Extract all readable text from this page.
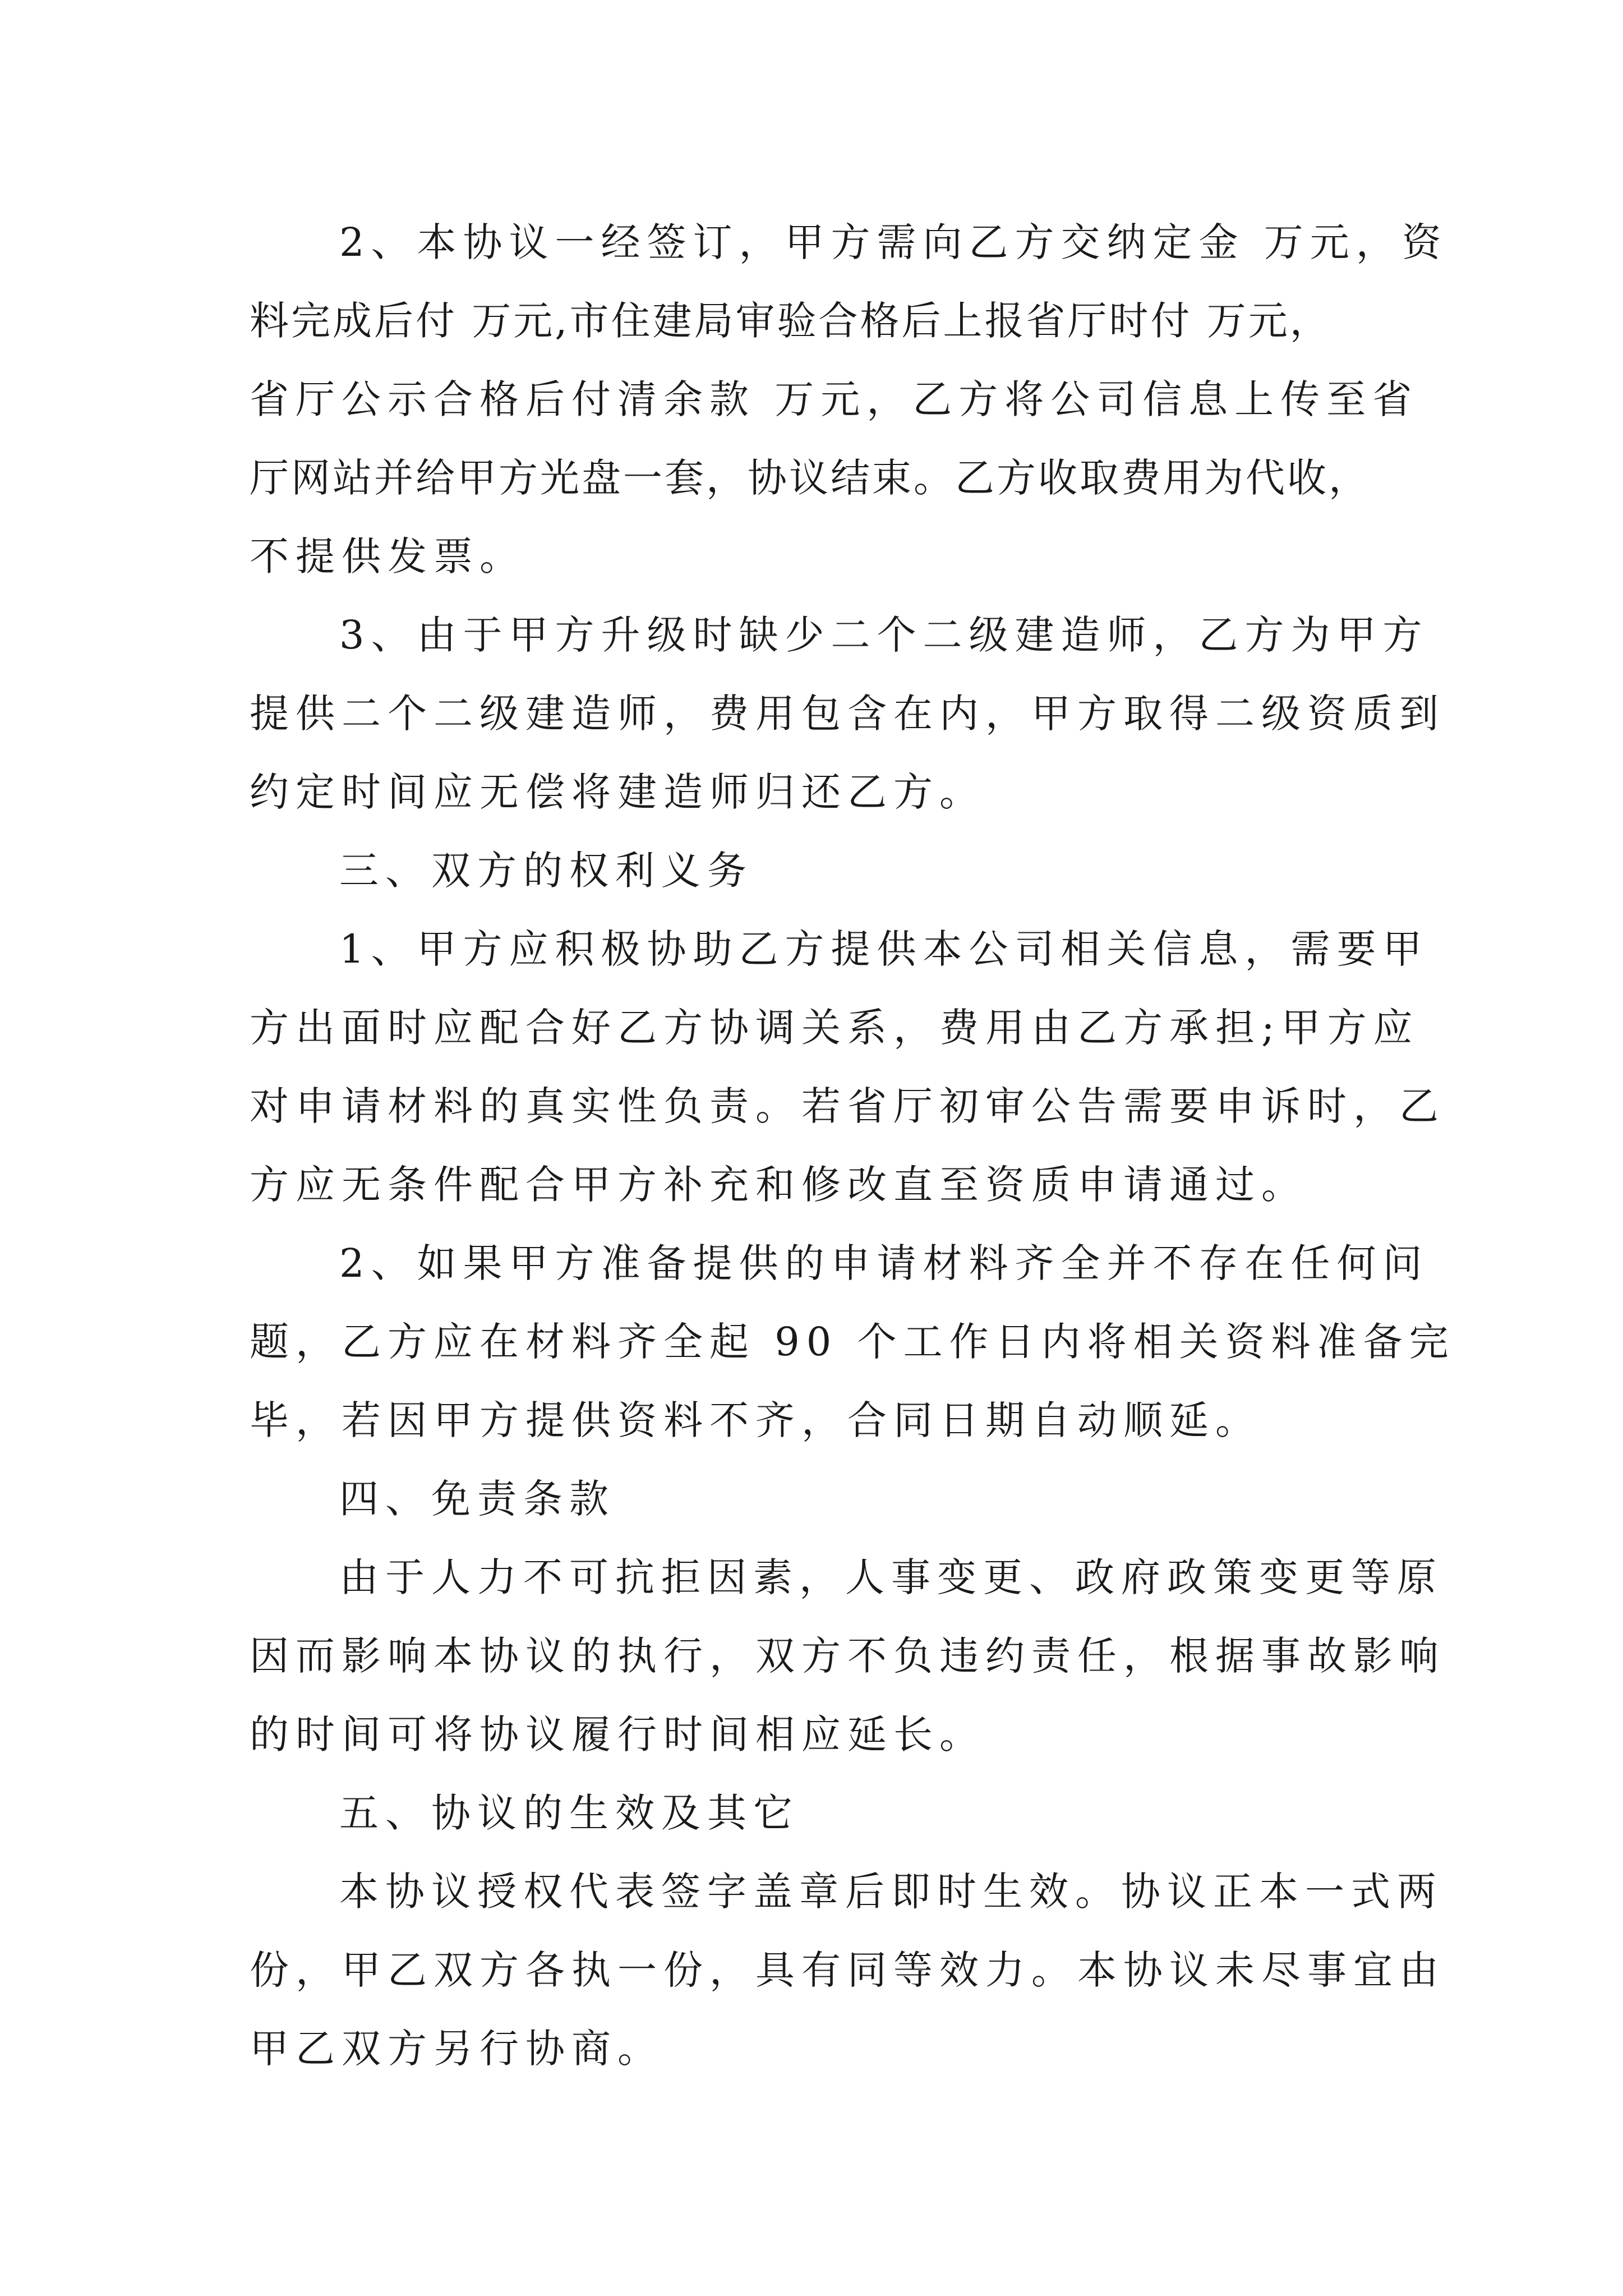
2、本协议一经签订，甲方需向乙方交纳定金 万元，资

料完成后付 万元,市住建局审验合格后上报省厅时付 万元，

省厅公示合格后付清余款 万元，乙方将公司信息上传至省

厅网站并给甲方光盘一套，协议结束。乙方收取费用为代收，

不提供发票。

3、由于甲方升级时缺少二个二级建造师，乙方为甲方

提供二个二级建造师，费用包含在内，甲方取得二级资质到

约定时间应无偿将建造师归还乙方。

三、双方的权利义务

1、甲方应积极协助乙方提供本公司相关信息，需要甲

方出面时应配合好乙方协调关系，费用由乙方承担;甲方应

对申请材料的真实性负责。若省厅初审公告需要申诉时，乙

方应无条件配合甲方补充和修改直至资质申请通过。

2、如果甲方准备提供的申请材料齐全并不存在任何问

题，乙方应在材料齐全起 90 个工作日内将相关资料准备完

毕，若因甲方提供资料不齐，合同日期自动顺延。

四、免责条款

由于人力不可抗拒因素，人事变更、政府政策变更等原

因而影响本协议的执行，双方不负违约责任，根据事故影响

的时间可将协议履行时间相应延长。

五、协议的生效及其它

本协议授权代表签字盖章后即时生效。协议正本一式两

份，甲乙双方各执一份，具有同等效力。本协议未尽事宜由

甲乙双方另行协商。
